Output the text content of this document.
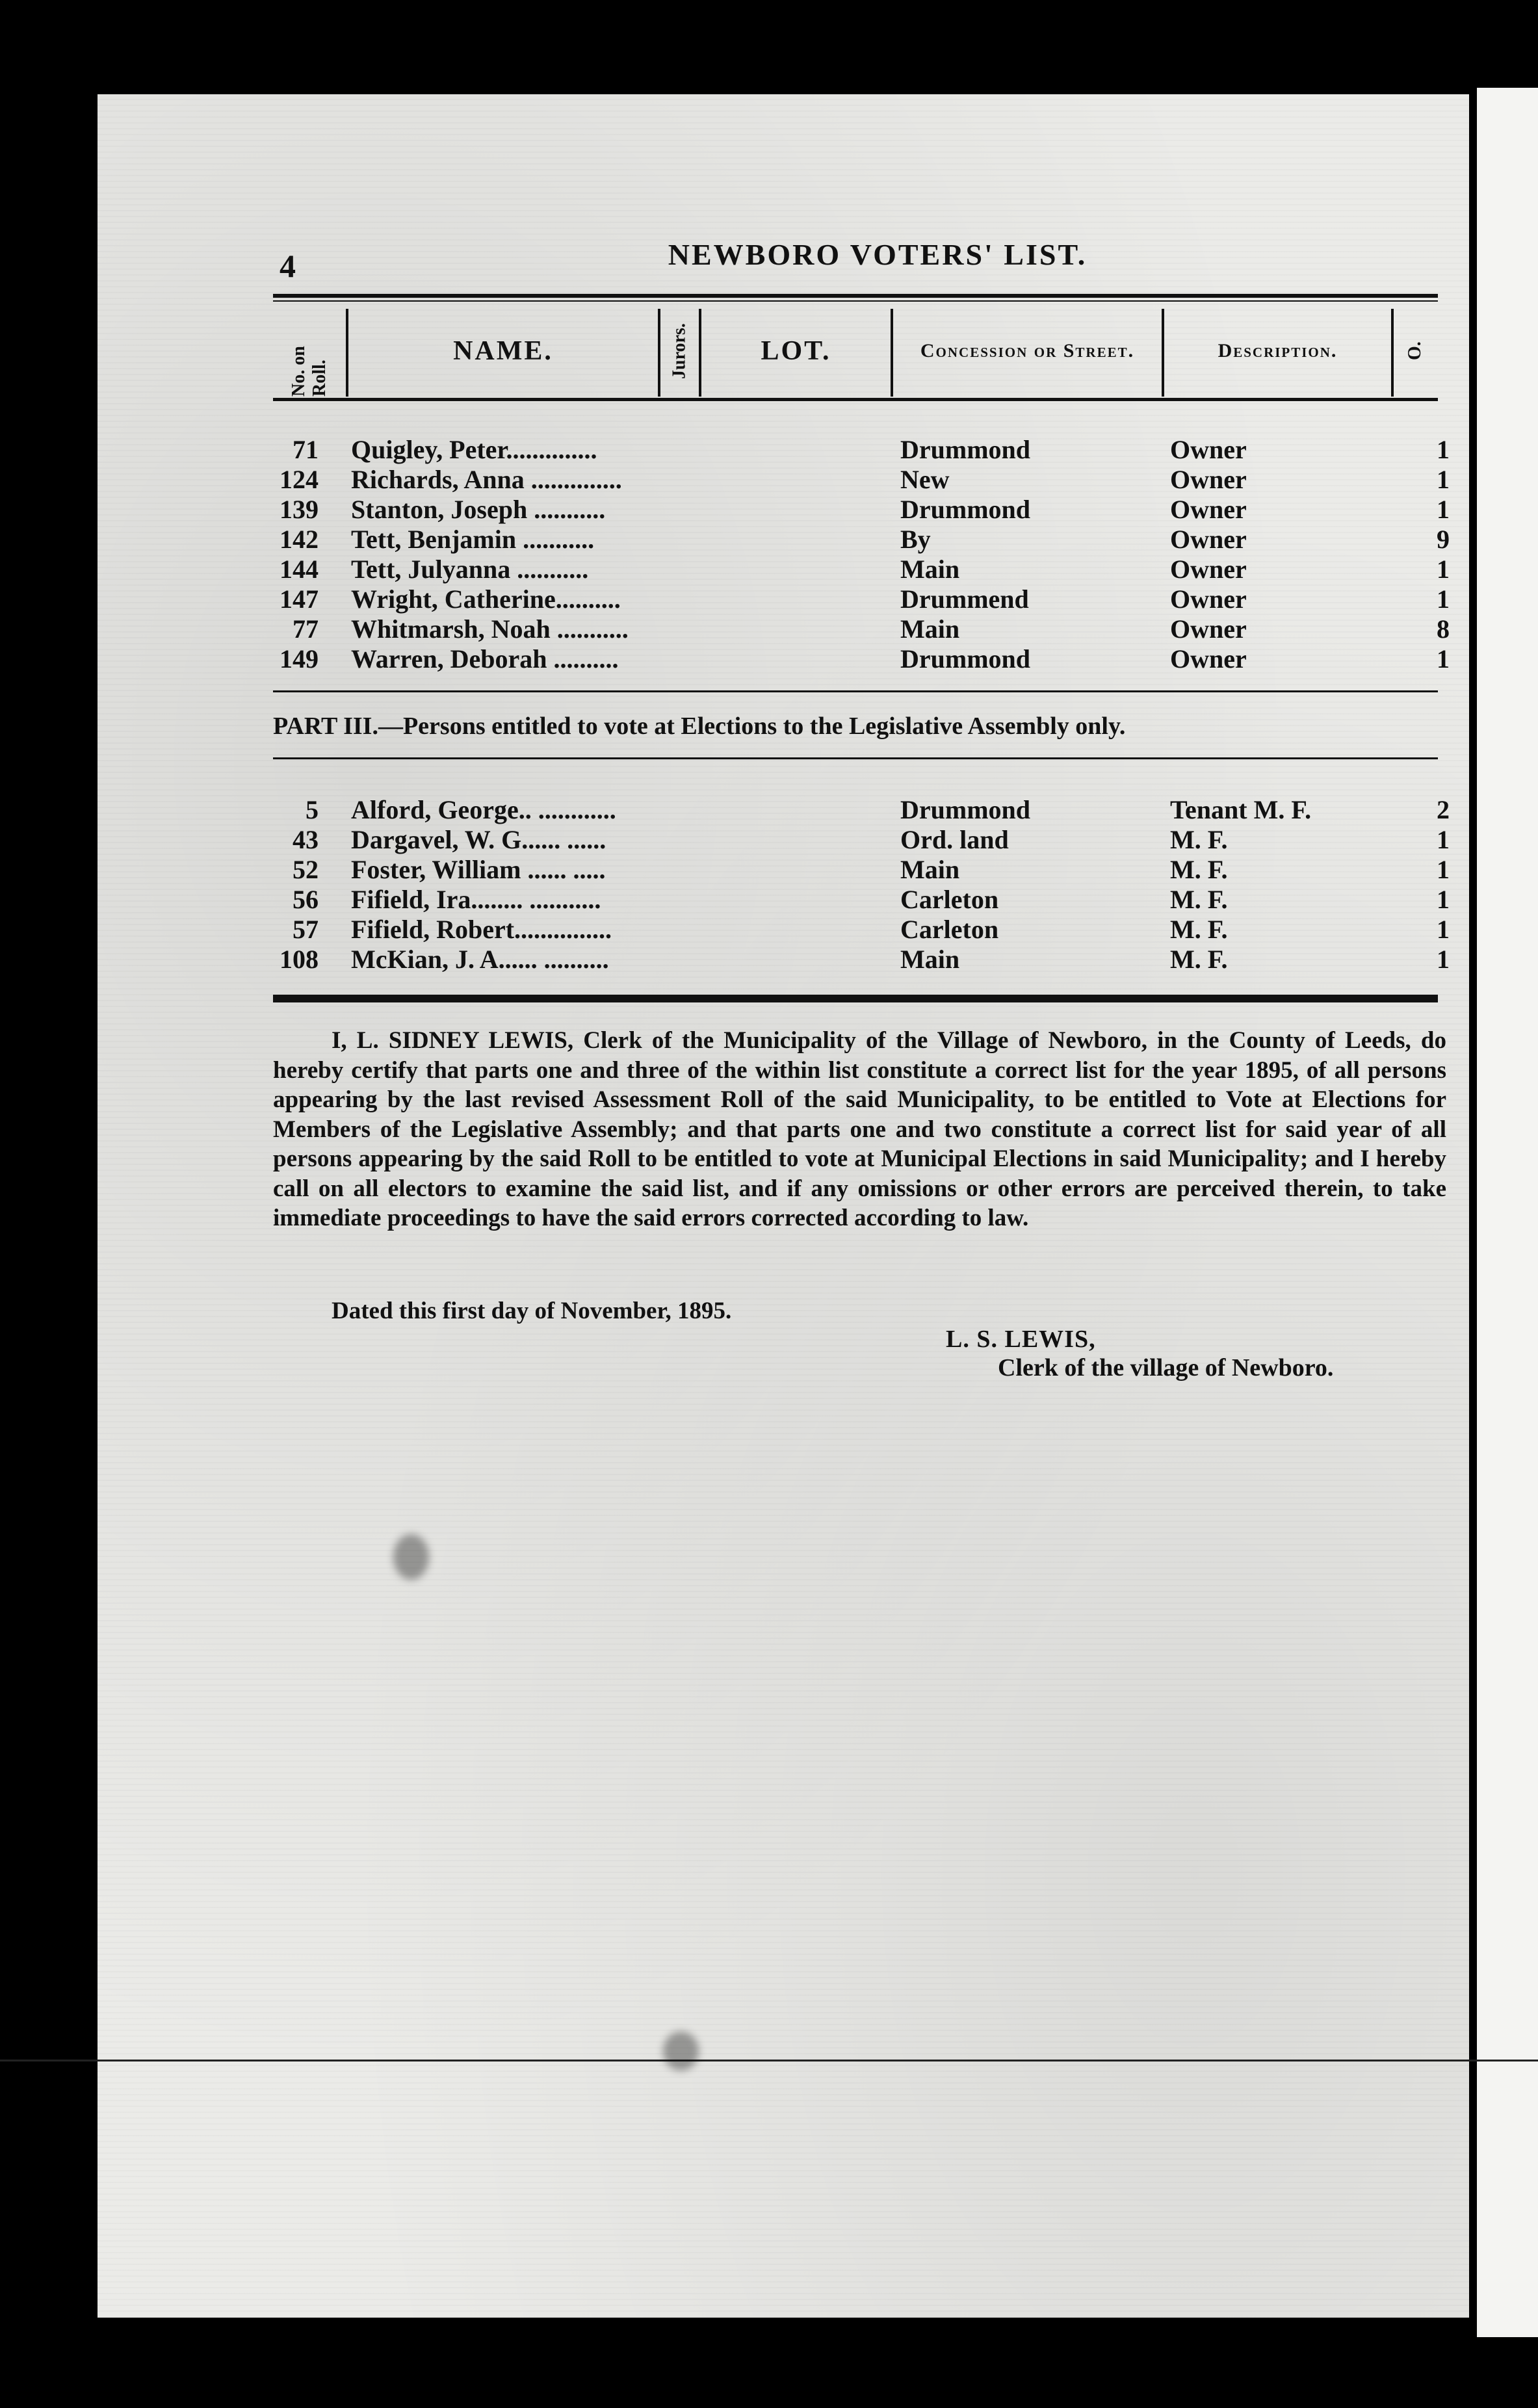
4	NEWBORO VOTERS' LIST.
No. on Roll.
NAME.	Jurors.	LOT.	Concession or Street.	Description.	O.
71 Quigley, Peter..............	Drummond	Owner	1
124 Richards, Anna ..............	New	Owner	1
139 Stanton, Joseph ...........	Drummond	Owner	1
142 Tett, Benjamin ...........	By	Owner	9
144 Tett, Julyanna ...........	Main	Owner	1
147 Wright, Catherine..........	Drummend	Owner	1
77 Whitmarsh, Noah ...........	Main	Owner	8
149 Warren, Deborah ..........	Drummond	Owner	1
PART III.—Persons entitled to vote at Elections to the Legislative Assembly only.
5 Alford, George.. ............	Drummond	Tenant M. F.	2
43 Dargavel, W. G...... ......	Ord. land	M. F.	1
52 Foster, William ...... .....	Main	M. F.	1
56 Fifield, Ira........ ...........	Carleton	M. F.	1
57 Fifield, Robert...............	Carleton	M. F.	1
108 McKian, J. A...... ..........	Main	M. F.	1

I, L. SIDNEY LEWIS, Clerk of the Municipality of the Village of Newboro, in the County of Leeds, do hereby certify that parts one and three of the within list constitute a correct list for the year 1895, of all persons appearing by the last revised Assessment Roll of the said Municipality, to be entitled to Vote at Elections for Members of the Legislative Assembly; and that parts one and two constitute a correct list for said year of all persons appearing by the said Roll to be entitled to vote at Municipal Elections in said Municipality; and I hereby call on all electors to examine the said list, and if any omissions or other errors are perceived therein, to take immediate proceedings to have the said errors corrected according to law.

Dated this first day of November, 1895.
L. S. LEWIS,
Clerk of the village of Newboro.
